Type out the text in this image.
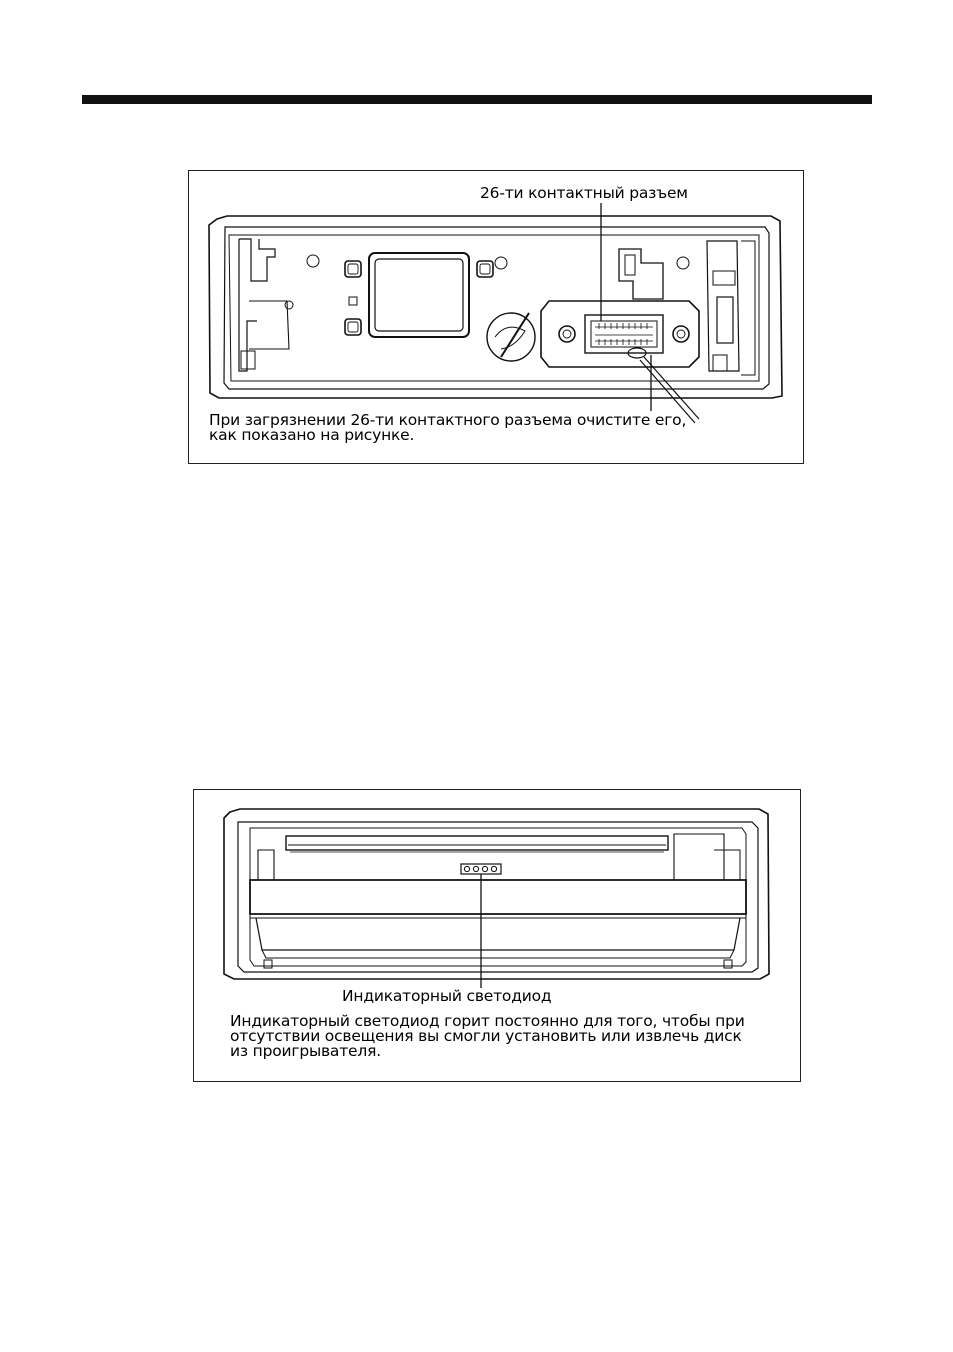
26-ти контактный разъем
При загрязнении 26-ти контактного разъема очистите его,
как показано на рисунке.
Индикаторный светодиод
Индикаторный светодиод горит постоянно для того, чтобы при
отсутствии освещения вы смогли установить или извлечь диск
из проигрывателя.
